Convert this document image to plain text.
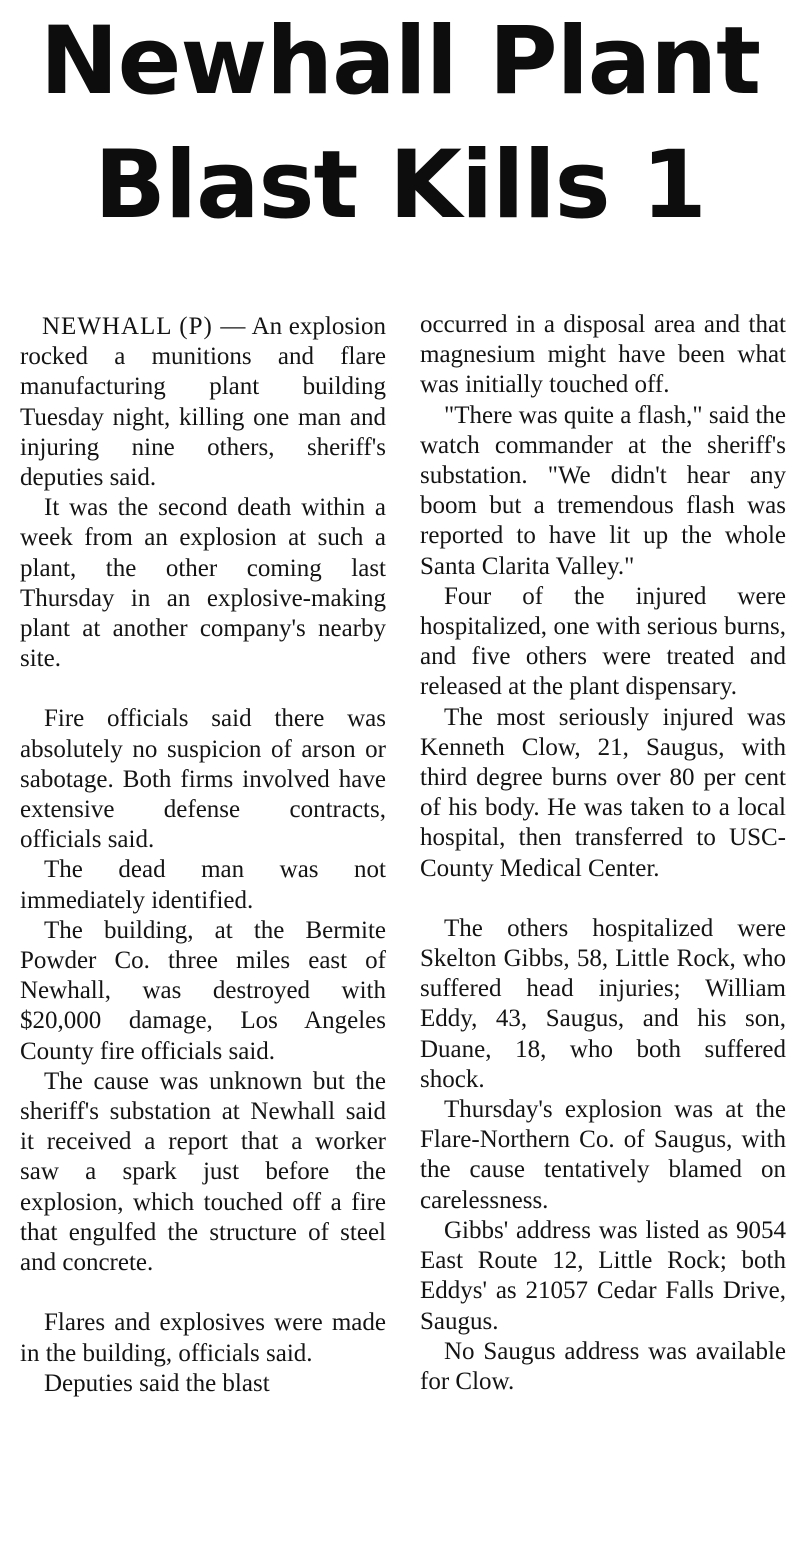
Newhall Plant
Blast Kills 1

NEWHALL (P) — An explosion rocked a munitions and flare manufacturing plant building Tuesday night, killing one man and injuring nine others, sheriff's deputies said.

It was the second death within a week from an explosion at such a plant, the other coming last Thursday in an explosive-making plant at another company's nearby site.

Fire officials said there was absolutely no suspicion of arson or sabotage. Both firms involved have extensive defense contracts, officials said.

The dead man was not immediately identified.

The building, at the Bermite Powder Co. three miles east of Newhall, was destroyed with $20,000 damage, Los Angeles County fire officials said.

The cause was unknown but the sheriff's substation at Newhall said it received a report that a worker saw a spark just before the explosion, which touched off a fire that engulfed the structure of steel and concrete.

Flares and explosives were made in the building, officials said.

Deputies said the blast

occurred in a disposal area and that magnesium might have been what was initially touched off.

"There was quite a flash," said the watch commander at the sheriff's substation. "We didn't hear any boom but a tremendous flash was reported to have lit up the whole Santa Clarita Valley."

Four of the injured were hospitalized, one with serious burns, and five others were treated and released at the plant dispensary.

The most seriously injured was Kenneth Clow, 21, Saugus, with third degree burns over 80 per cent of his body. He was taken to a local hospital, then transferred to USC-County Medical Center.

The others hospitalized were Skelton Gibbs, 58, Little Rock, who suffered head injuries; William Eddy, 43, Saugus, and his son, Duane, 18, who both suffered shock.

Thursday's explosion was at the Flare-Northern Co. of Saugus, with the cause tentatively blamed on carelessness.

Gibbs' address was listed as 9054 East Route 12, Little Rock; both Eddys' as 21057 Cedar Falls Drive, Saugus.

No Saugus address was available for Clow.
